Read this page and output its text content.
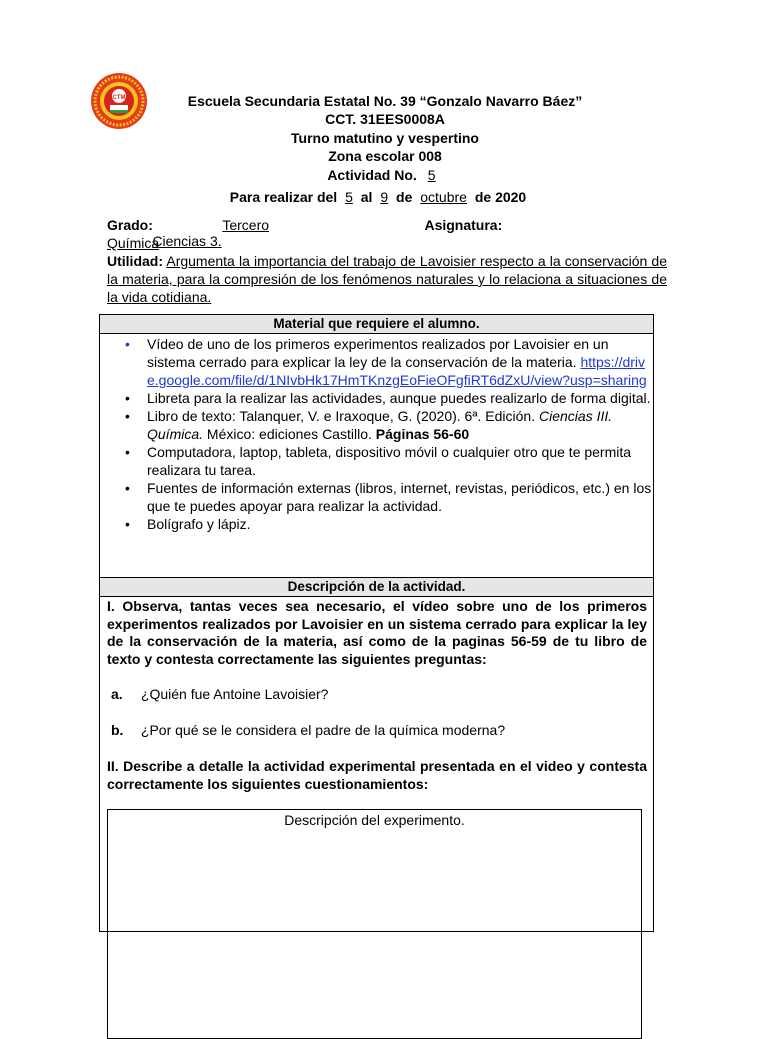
CTM	Escuela Secundaria Estatal No. 39 “Gonzalo Navarro Báez”
CCT. 31EES0008A
Turno matutino y vespertino
Zona escolar 008
Actividad No. 5
Para realizar del 5 al 9 de octubre de 2020
Grado:	Tercero	Asignatura:  Ciencias 3.
Química
Utilidad: Argumenta la importancia del trabajo de Lavoisier respecto a la conservación de la materia, para la compresión de los fenómenos naturales y lo relaciona a situaciones de la vida cotidiana.
Material que requiere el alumno.
• Vídeo de uno de los primeros experimentos realizados por Lavoisier en un sistema cerrado para explicar la ley de la conservación de la materia. https://drive.google.com/file/d/1NIvbHk17HmTKnzgEoFieOFgfiRT6dZxU/view?usp=sharing
• Libreta para la realizar las actividades, aunque puedes realizarlo de forma digital.
• Libro de texto: Talanquer, V. e Iraxoque, G. (2020). 6ª. Edición. Ciencias III. Química. México: ediciones Castillo. Páginas 56-60
• Computadora, laptop, tableta, dispositivo móvil o cualquier otro que te permita realizara tu tarea.
• Fuentes de información externas (libros, internet, revistas, periódicos, etc.) en los que te puedes apoyar para realizar la actividad.
• Bolígrafo y lápiz.
Descripción de la actividad.
I. Observa, tantas veces sea necesario, el vídeo sobre uno de los primeros experimentos realizados por Lavoisier en un sistema cerrado para explicar la ley de la conservación de la materia, así como de la paginas 56-59 de tu libro de texto y contesta correctamente las siguientes preguntas:
a. ¿Quién fue Antoine Lavoisier?
b. ¿Por qué se le considera el padre de la química moderna?
II. Describe a detalle la actividad experimental presentada en el video y contesta correctamente los siguientes cuestionamientos:
Descripción del experimento.
